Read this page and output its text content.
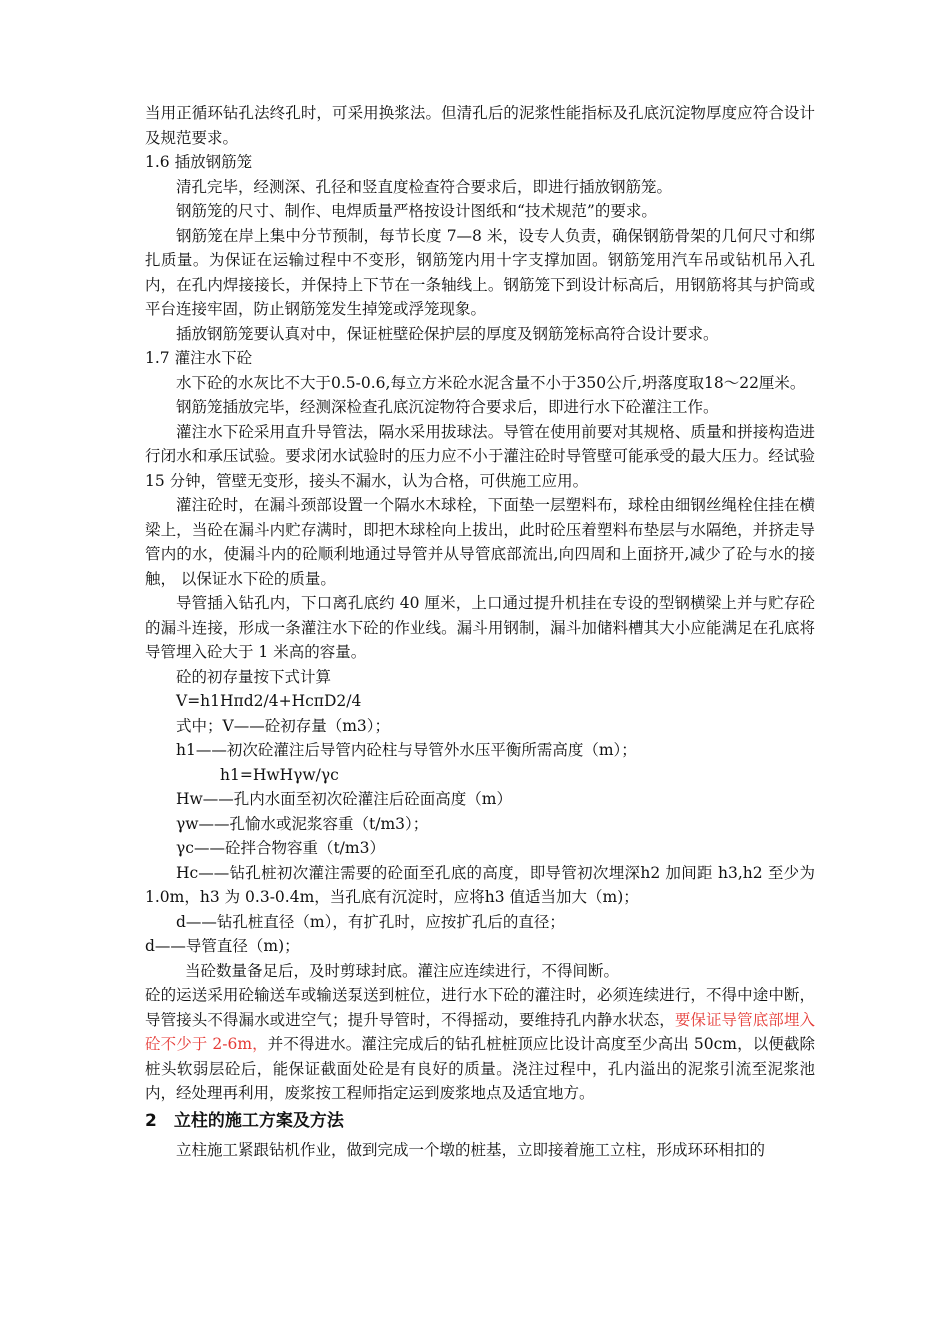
当用正循环钻孔法终孔时，可采用换浆法。但清孔后的泥浆性能指标及孔底沉淀物厚度应符合设计及规范要求。

1.6 插放钢筋笼

清孔完毕，经测深、孔径和竖直度检查符合要求后，即进行插放钢筋笼。

钢筋笼的尺寸、制作、电焊质量严格按设计图纸和“技术规范”的要求。

钢筋笼在岸上集中分节预制，每节长度 7—8 米，设专人负责，确保钢筋骨架的几何尺寸和绑扎质量。为保证在运输过程中不变形，钢筋笼内用十字支撑加固。钢筋笼用汽车吊或钻机吊入孔内，在孔内焊接接长，并保持上下节在一条轴线上。钢筋笼下到设计标高后，用钢筋将其与护筒或平台连接牢固，防止钢筋笼发生掉笼或浮笼现象。

插放钢筋笼要认真对中，保证桩壁砼保护层的厚度及钢筋笼标高符合设计要求。

1.7 灌注水下砼

水下砼的水灰比不大于0.5-0.6,每立方米砼水泥含量不小于350公斤,坍落度取18～22厘米。

钢筋笼插放完毕，经测深检查孔底沉淀物符合要求后，即进行水下砼灌注工作。

灌注水下砼采用直升导管法，隔水采用拔球法。导管在使用前要对其规格、质量和拼接构造进行闭水和承压试验。要求闭水试验时的压力应不小于灌注砼时导管壁可能承受的最大压力。经试验 15 分钟，管壁无变形，接头不漏水，认为合格，可供施工应用。

灌注砼时，在漏斗颈部设置一个隔水木球栓，下面垫一层塑料布，球栓由细钢丝绳栓住挂在横梁上，当砼在漏斗内贮存满时，即把木球栓向上拔出，此时砼压着塑料布垫层与水隔绝，并挤走导管内的水，使漏斗内的砼顺利地通过导管并从导管底部流出,向四周和上面挤开,减少了砼与水的接触， 以保证水下砼的质量。

导管插入钻孔内，下口离孔底约 40 厘米，上口通过提升机挂在专设的型钢横梁上并与贮存砼的漏斗连接，形成一条灌注水下砼的作业线。漏斗用钢制，漏斗加储料槽其大小应能满足在孔底将导管埋入砼大于 1 米高的容量。

砼的初存量按下式计算

V=h1Hπd2/4+HcπD2/4

式中；V——砼初存量（m3）；

h1——初次砼灌注后导管内砼柱与导管外水压平衡所需高度（m）；

h1=HwHγw/γc

Hw——孔内水面至初次砼灌注后砼面高度（m）

γw——孔愉水或泥浆容重（t/m3）；

γc——砼拌合物容重（t/m3）

Hc——钻孔桩初次灌注需要的砼面至孔底的高度，即导管初次埋深h2 加间距 h3,h2 至少为 1.0m，h3 为 0.3-0.4m，当孔底有沉淀时，应将h3 值适当加大（m)；

d——钻孔桩直径（m），有扩孔时，应按扩孔后的直径；

d——导管直径（m)；

当砼数量备足后，及时剪球封底。灌注应连续进行，不得间断。

砼的运送采用砼输送车或输送泵送到桩位，进行水下砼的灌注时，必须连续进行，不得中途中断，导管接头不得漏水或进空气；提升导管时，不得摇动，要维持孔内静水状态，要保证导管底部埋入砼不少于 2-6m，并不得进水。灌注完成后的钻孔桩桩顶应比设计高度至少高出 50cm，以便截除桩头软弱层砼后，能保证截面处砼是有良好的质量。浇注过程中，孔内溢出的泥浆引流至泥浆池内，经处理再利用，废浆按工程师指定运到废浆地点及适宜地方。

2　立柱的施工方案及方法

立柱施工紧跟钻机作业，做到完成一个墩的桩基，立即接着施工立柱，形成环环相扣的
